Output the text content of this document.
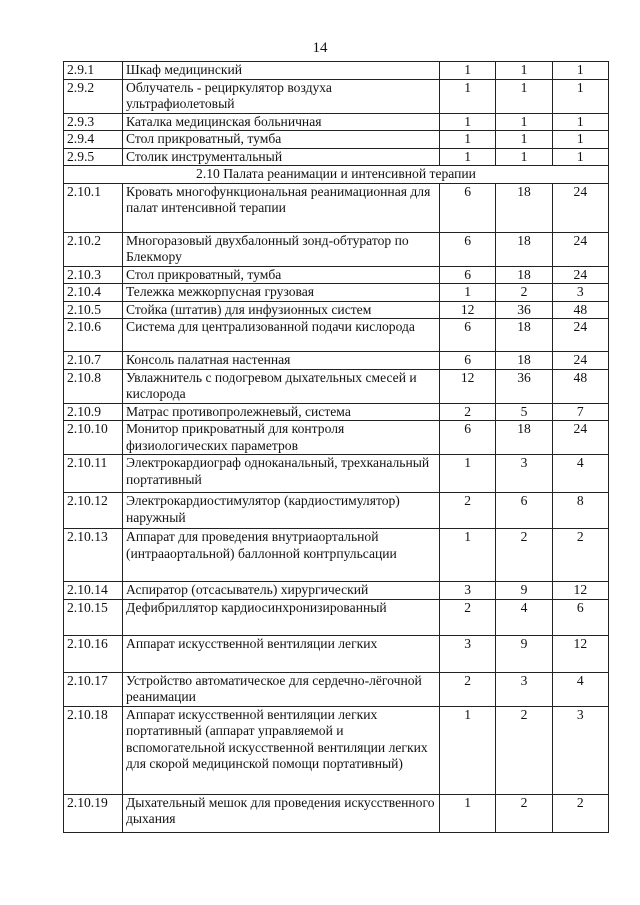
14
2.9.1	Шкаф медицинский	1	1	1
2.9.2	Облучатель - рециркулятор воздуха ультрафиолетовый	1	1	1
2.9.3	Каталка медицинская больничная	1	1	1
2.9.4	Стол прикроватный, тумба	1	1	1
2.9.5	Столик инструментальный	1	1	1
2.10 Палата реанимации и интенсивной терапии				
2.10.1	Кровать многофункциональная реанимационная для палат интенсивной терапии	6	18	24
2.10.2	Многоразовый двухбалонный зонд-обтуратор по Блекмору	6	18	24
2.10.3	Стол прикроватный, тумба	6	18	24
2.10.4	Тележка межкорпусная грузовая	1	2	3
2.10.5	Стойка (штатив) для инфузионных систем	12	36	48
2.10.6	Система для централизованной подачи кислорода	6	18	24
2.10.7	Консоль палатная настенная	6	18	24
2.10.8	Увлажнитель с подогревом дыхательных смесей и кислорода	12	36	48
2.10.9	Матрас противопролежневый, система	2	5	7
2.10.10	Монитор прикроватный для контроля физиологических параметров	6	18	24
2.10.11	Электрокардиограф одноканальный, трехканальный портативный	1	3	4
2.10.12	Электрокардиостимулятор (кардиостимулятор) наружный	2	6	8
2.10.13	Аппарат для проведения внутриаортальной (интрааортальной) баллонной контрпульсации	1	2	2
2.10.14	Аспиратор (отсасыватель) хирургический	3	9	12
2.10.15	Дефибриллятор кардиосинхронизированный	2	4	6
2.10.16	Аппарат искусственной вентиляции легких	3	9	12
2.10.17	Устройство автоматическое для сердечно-лёгочной реанимации	2	3	4
2.10.18	Аппарат искусственной вентиляции легких портативный (аппарат управляемой и вспомогательной искусственной вентиляции легких для скорой медицинской помощи портативный)	1	2	3
2.10.19	Дыхательный мешок для проведения искусственного дыхания	1	2	2
